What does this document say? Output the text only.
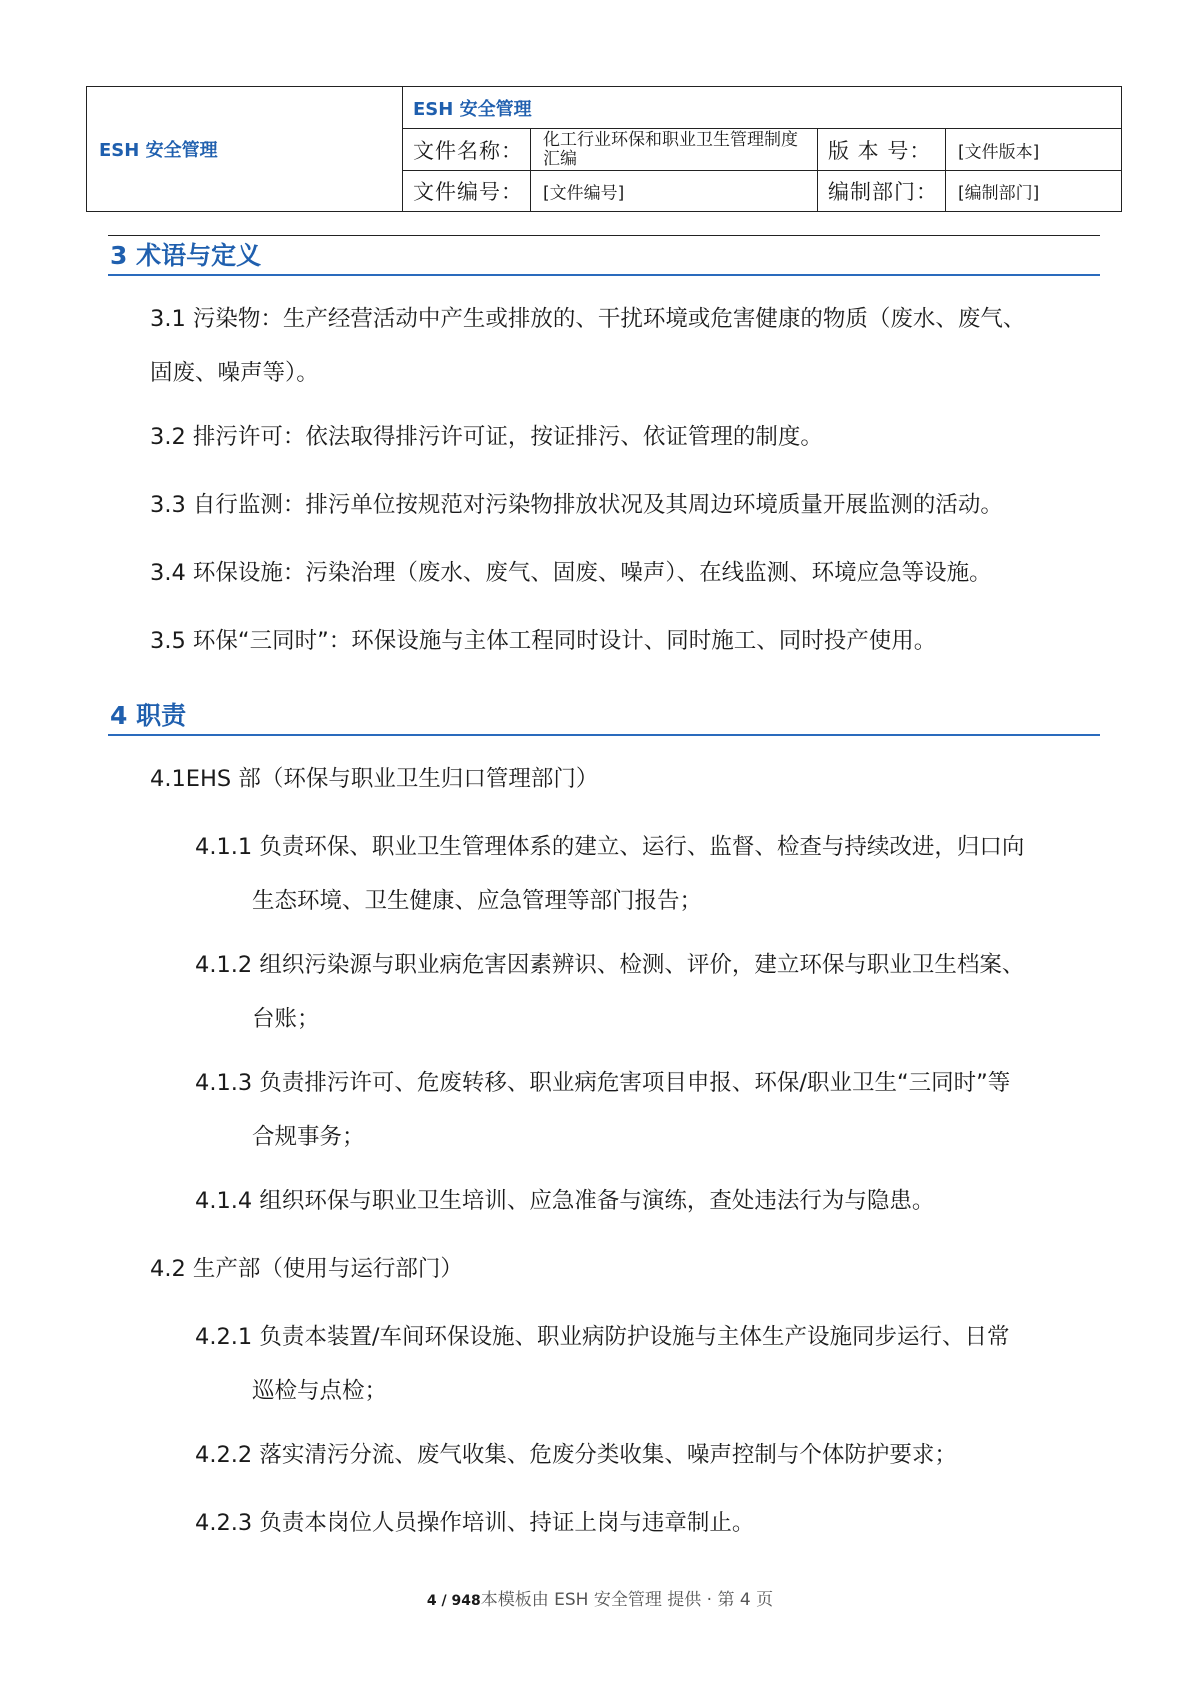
ESH 安全管理
ESH 安全管理
文件名称： 化工行业环保和职业卫生管理制度汇编	版 本 号： [文件版本]
文件编号： [文件编号]	编制部门： [编制部门]
3 术语与定义
3.1 污染物：生产经营活动中产生或排放的、干扰环境或危害健康的物质（废水、废气、
固废、噪声等）。
3.2 排污许可：依法取得排污许可证，按证排污、依证管理的制度。
3.3 自行监测：排污单位按规范对污染物排放状况及其周边环境质量开展监测的活动。
3.4 环保设施：污染治理（废水、废气、固废、噪声）、在线监测、环境应急等设施。
3.5 环保“三同时”：环保设施与主体工程同时设计、同时施工、同时投产使用。
4 职责
4.1EHS 部（环保与职业卫生归口管理部门）
4.1.1 负责环保、职业卫生管理体系的建立、运行、监督、检查与持续改进，归口向
生态环境、卫生健康、应急管理等部门报告；
4.1.2 组织污染源与职业病危害因素辨识、检测、评价，建立环保与职业卫生档案、
台账；
4.1.3 负责排污许可、危废转移、职业病危害项目申报、环保/职业卫生“三同时”等
合规事务；
4.1.4 组织环保与职业卫生培训、应急准备与演练，查处违法行为与隐患。
4.2 生产部（使用与运行部门）
4.2.1 负责本装置/车间环保设施、职业病防护设施与主体生产设施同步运行、日常
巡检与点检；
4.2.2 落实清污分流、废气收集、危废分类收集、噪声控制与个体防护要求；
4.2.3 负责本岗位人员操作培训、持证上岗与违章制止。
4 / 948本模板由 ESH 安全管理 提供 · 第 4 页
